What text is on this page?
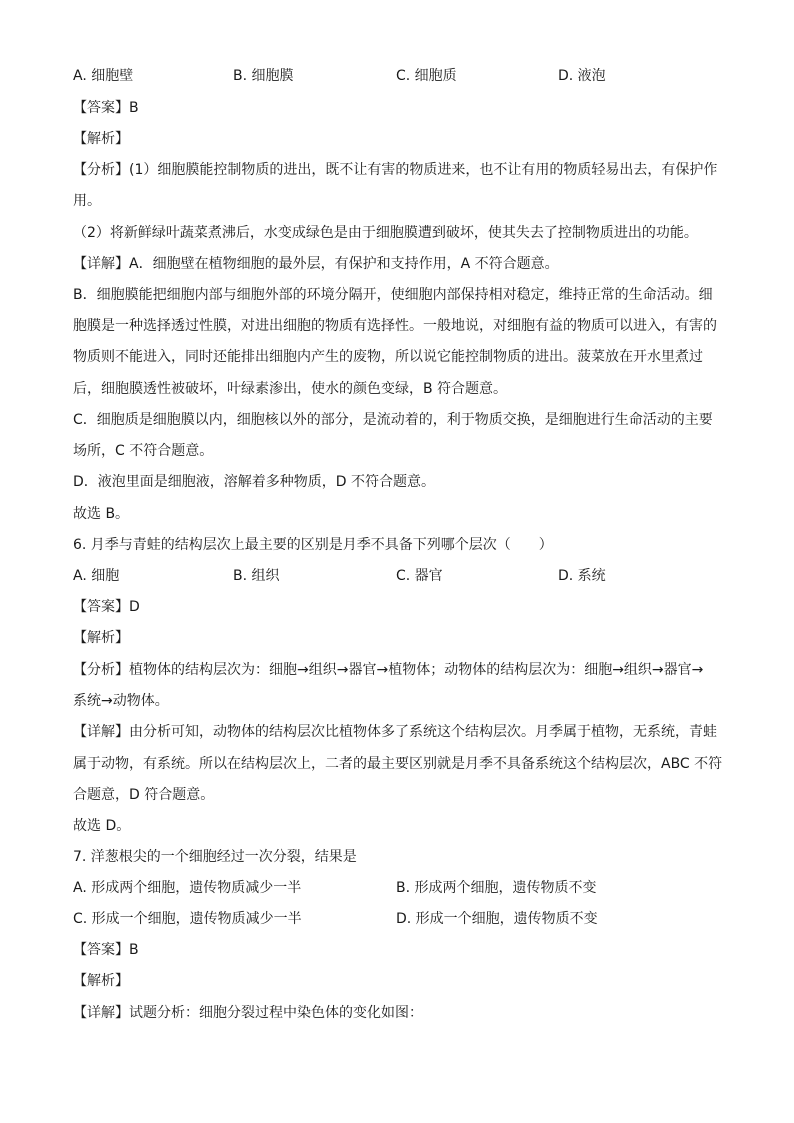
A. 细胞壁	B. 细胞膜	C. 细胞质	D. 液泡
【答案】B
【解析】
【分析】(1）细胞膜能控制物质的进出，既不让有害的物质进来，也不让有用的物质轻易出去，有保护作
用。
（2）将新鲜绿叶蔬菜煮沸后，水变成绿色是由于细胞膜遭到破坏，使其失去了控制物质进出的功能。
【详解】A．细胞壁在植物细胞的最外层，有保护和支持作用，A 不符合题意。
B．细胞膜能把细胞内部与细胞外部的环境分隔开，使细胞内部保持相对稳定，维持正常的生命活动。细
胞膜是一种选择透过性膜，对进出细胞的物质有选择性。一般地说，对细胞有益的物质可以进入，有害的
物质则不能进入，同时还能排出细胞内产生的废物，所以说它能控制物质的进出。菠菜放在开水里煮过
后，细胞膜透性被破坏，叶绿素渗出，使水的颜色变绿，B 符合题意。
C．细胞质是细胞膜以内，细胞核以外的部分，是流动着的，利于物质交换，是细胞进行生命活动的主要
场所，C 不符合题意。
D．液泡里面是细胞液，溶解着多种物质，D 不符合题意。
故选 B。
6. 月季与青蛙的结构层次上最主要的区别是月季不具备下列哪个层次（　　）
A. 细胞	B. 组织	C. 器官	D. 系统
【答案】D
【解析】
【分析】植物体的结构层次为：细胞→组织→器官→植物体；动物体的结构层次为：细胞→组织→器官→
系统→动物体。
【详解】由分析可知，动物体的结构层次比植物体多了系统这个结构层次。月季属于植物，无系统，青蛙
属于动物，有系统。所以在结构层次上，二者的最主要区别就是月季不具备系统这个结构层次，ABC 不符
合题意，D 符合题意。
故选 D。
7. 洋葱根尖的一个细胞经过一次分裂，结果是
A. 形成两个细胞，遗传物质减少一半	B. 形成两个细胞，遗传物质不变
C. 形成一个细胞，遗传物质减少一半	D. 形成一个细胞，遗传物质不变
【答案】B
【解析】
【详解】试题分析：细胞分裂过程中染色体的变化如图：
